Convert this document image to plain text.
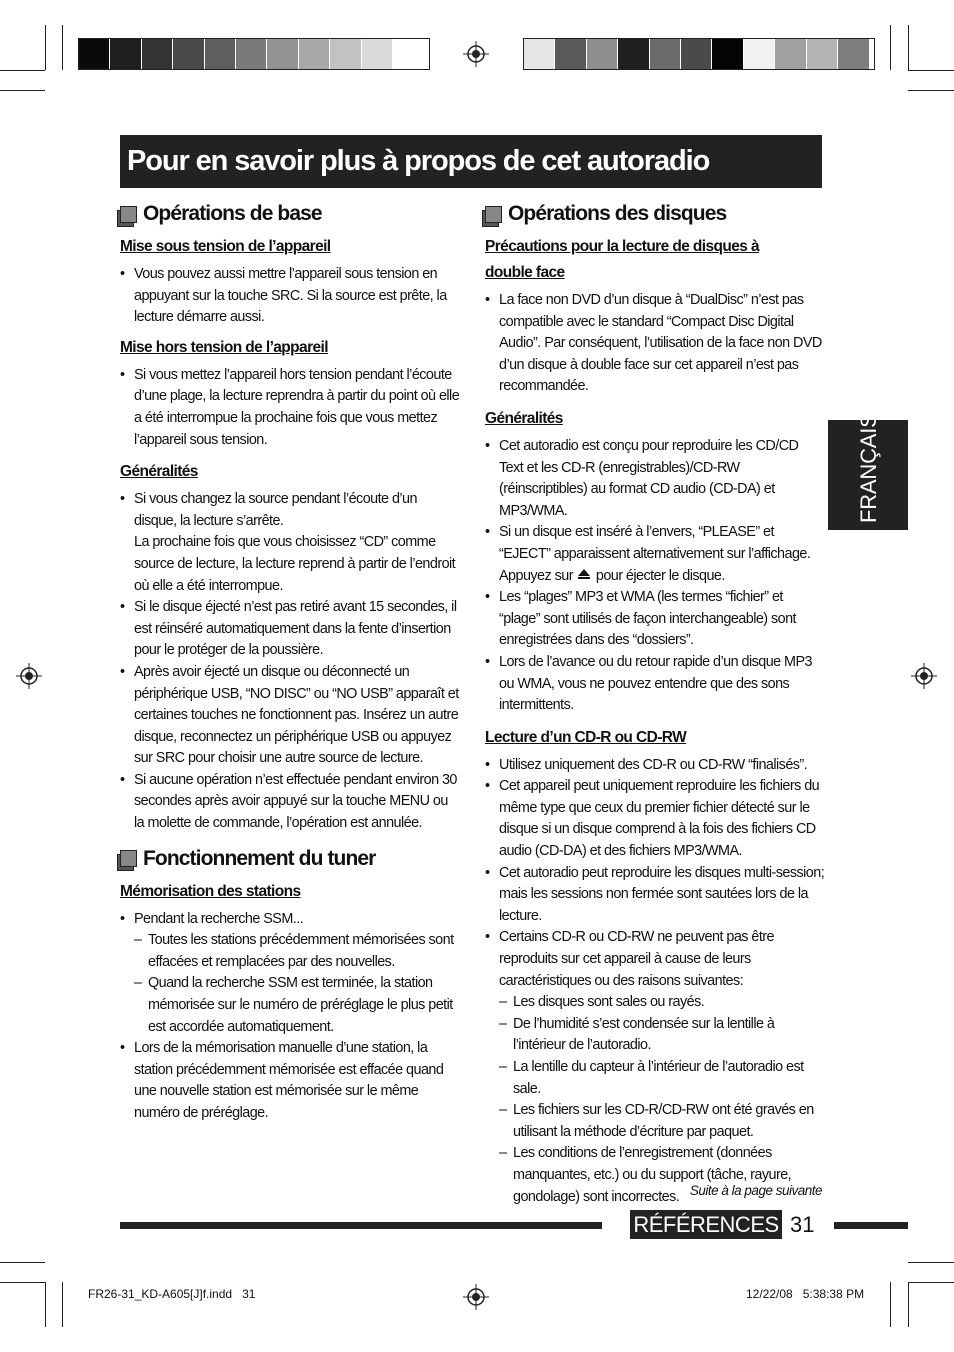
Pour en savoir plus à propos de cet autoradio
FRANÇAIS
Opérations de base
Mise sous tension de l’appareil
• Vous pouvez aussi mettre l’appareil sous tension en appuyant sur la touche SRC. Si la source est prête, la lecture démarre aussi.
Mise hors tension de l’appareil
• Si vous mettez l’appareil hors tension pendant l’écoute d’une plage, la lecture reprendra à partir du point où elle a été interrompue la prochaine fois que vous mettez l’appareil sous tension.
Généralités
• Si vous changez la source pendant l’écoute d’un disque, la lecture s’arrête.
La prochaine fois que vous choisissez “CD” comme source de lecture, la lecture reprend à partir de l’endroit où elle a été interrompue.
• Si le disque éjecté n’est pas retiré avant 15 secondes, il est réinséré automatiquement dans la fente d’insertion pour le protéger de la poussière.
• Après avoir éjecté un disque ou déconnecté un périphérique USB, “NO DISC” ou “NO USB” apparaît et certaines touches ne fonctionnent pas. Insérez un autre disque, reconnectez un périphérique USB ou appuyez sur SRC pour choisir une autre source de lecture.
• Si aucune opération n’est effectuée pendant environ 30 secondes après avoir appuyé sur la touche MENU ou la molette de commande, l’opération est annulée.
Fonctionnement du tuner
Mémorisation des stations
• Pendant la recherche SSM...
– Toutes les stations précédemment mémorisées sont effacées et remplacées par des nouvelles.
– Quand la recherche SSM est terminée, la station mémorisée sur le numéro de préréglage le plus petit est accordée automatiquement.
• Lors de la mémorisation manuelle d’une station, la station précédemment mémorisée est effacée quand une nouvelle station est mémorisée sur le même numéro de préréglage.
Opérations des disques
Précautions pour la lecture de disques à double face
• La face non DVD d’un disque à “DualDisc” n’est pas compatible avec le standard “Compact Disc Digital Audio”. Par conséquent, l’utilisation de la face non DVD d’un disque à double face sur cet appareil n’est pas recommandée.
Généralités
• Cet autoradio est conçu pour reproduire les CD/CD Text et les CD-R (enregistrables)/CD-RW (réinscriptibles) au format CD audio (CD-DA) et MP3/WMA.
• Si un disque est inséré à l’envers, “PLEASE” et “EJECT” apparaissent alternativement sur l’affichage. Appuyez sur pour éjecter le disque.
• Les “plages” MP3 et WMA (les termes “fichier” et “plage” sont utilisés de façon interchangeable) sont enregistrées dans des “dossiers”.
• Lors de l’avance ou du retour rapide d’un disque MP3 ou WMA, vous ne pouvez entendre que des sons intermittents.
Lecture d’un CD-R ou CD-RW
• Utilisez uniquement des CD-R ou CD-RW “finalisés”.
• Cet appareil peut uniquement reproduire les fichiers du même type que ceux du premier fichier détecté sur le disque si un disque comprend à la fois des fichiers CD audio (CD-DA) et des fichiers MP3/WMA.
• Cet autoradio peut reproduire les disques multi-session; mais les sessions non fermée sont sautées lors de la lecture.
• Certains CD-R ou CD-RW ne peuvent pas être reproduits sur cet appareil à cause de leurs caractéristiques ou des raisons suivantes:
– Les disques sont sales ou rayés.
– De l’humidité s’est condensée sur la lentille à l’intérieur de l’autoradio.
– La lentille du capteur à l’intérieur de l’autoradio est sale.
– Les fichiers sur les CD-R/CD-RW ont été gravés en utilisant la méthode d’écriture par paquet.
– Les conditions de l’enregistrement (données manquantes, etc.) ou du support (tâche, rayure, gondolage) sont incorrectes. Suite à la page suivante
RÉFÉRENCES 31
FR26-31_KD-A605[J]f.indd   31	12/22/08   5:38:38 PM
